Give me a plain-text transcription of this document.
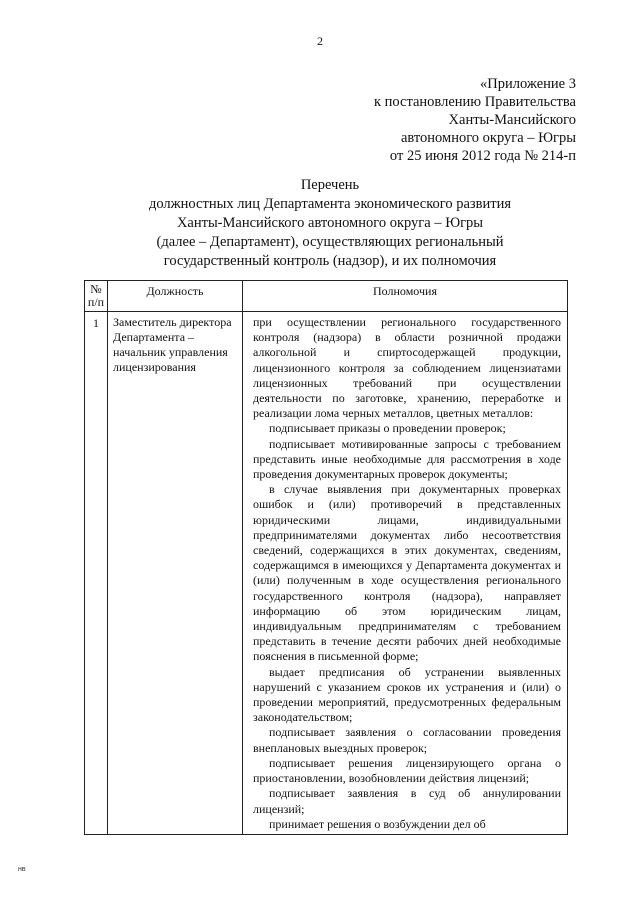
2
«Приложение 3
к постановлению Правительства
Ханты-Мансийского
автономного округа – Югры
от 25 июня 2012 года № 214-п
Перечень
должностных лиц Департамента экономического развития
Ханты-Мансийского автономного округа – Югры
(далее – Департамент), осуществляющих региональный
государственный контроль (надзор), и их полномочия
№ п/п
Должность	Полномочия
1	Заместитель директора Департамента – начальник управления лицензирования

при осуществлении регионального государственного контроля (надзора) в области розничной продажи алкогольной и спиртосодержащей продукции, лицензионного контроля за соблюдением лицензиатами лицензионных требований при осуществлении деятельности по заготовке, хранению, переработке и реализации лома черных металлов, цветных металлов:

подписывает приказы о проведении проверок;

подписывает мотивированные запросы с требованием представить иные необходимые для рассмотрения в ходе проведения документарных проверок документы;

в случае выявления при документарных проверках ошибок и (или) противоречий в представленных юридическими лицами, индивидуальными предпринимателями документах либо несоответствия сведений, содержащихся в этих документах, сведениям, содержащимся в имеющихся у Департамента документах и (или) полученным в ходе осуществления регионального государственного контроля (надзора), направляет информацию об этом юридическим лицам, индивидуальным предпринимателям с требованием представить в течение десяти рабочих дней необходимые пояснения в письменной форме;

выдает предписания об устранении выявленных нарушений с указанием сроков их устранения и (или) о проведении мероприятий, предусмотренных федеральным законодательством;

подписывает заявления о согласовании проведения внеплановых выездных проверок;

подписывает решения лицензирующего органа о приостановлении, возобновлении действия лицензий;

подписывает заявления в суд об аннулировании лицензий;

принимает решения о возбуждении дел об

нв
